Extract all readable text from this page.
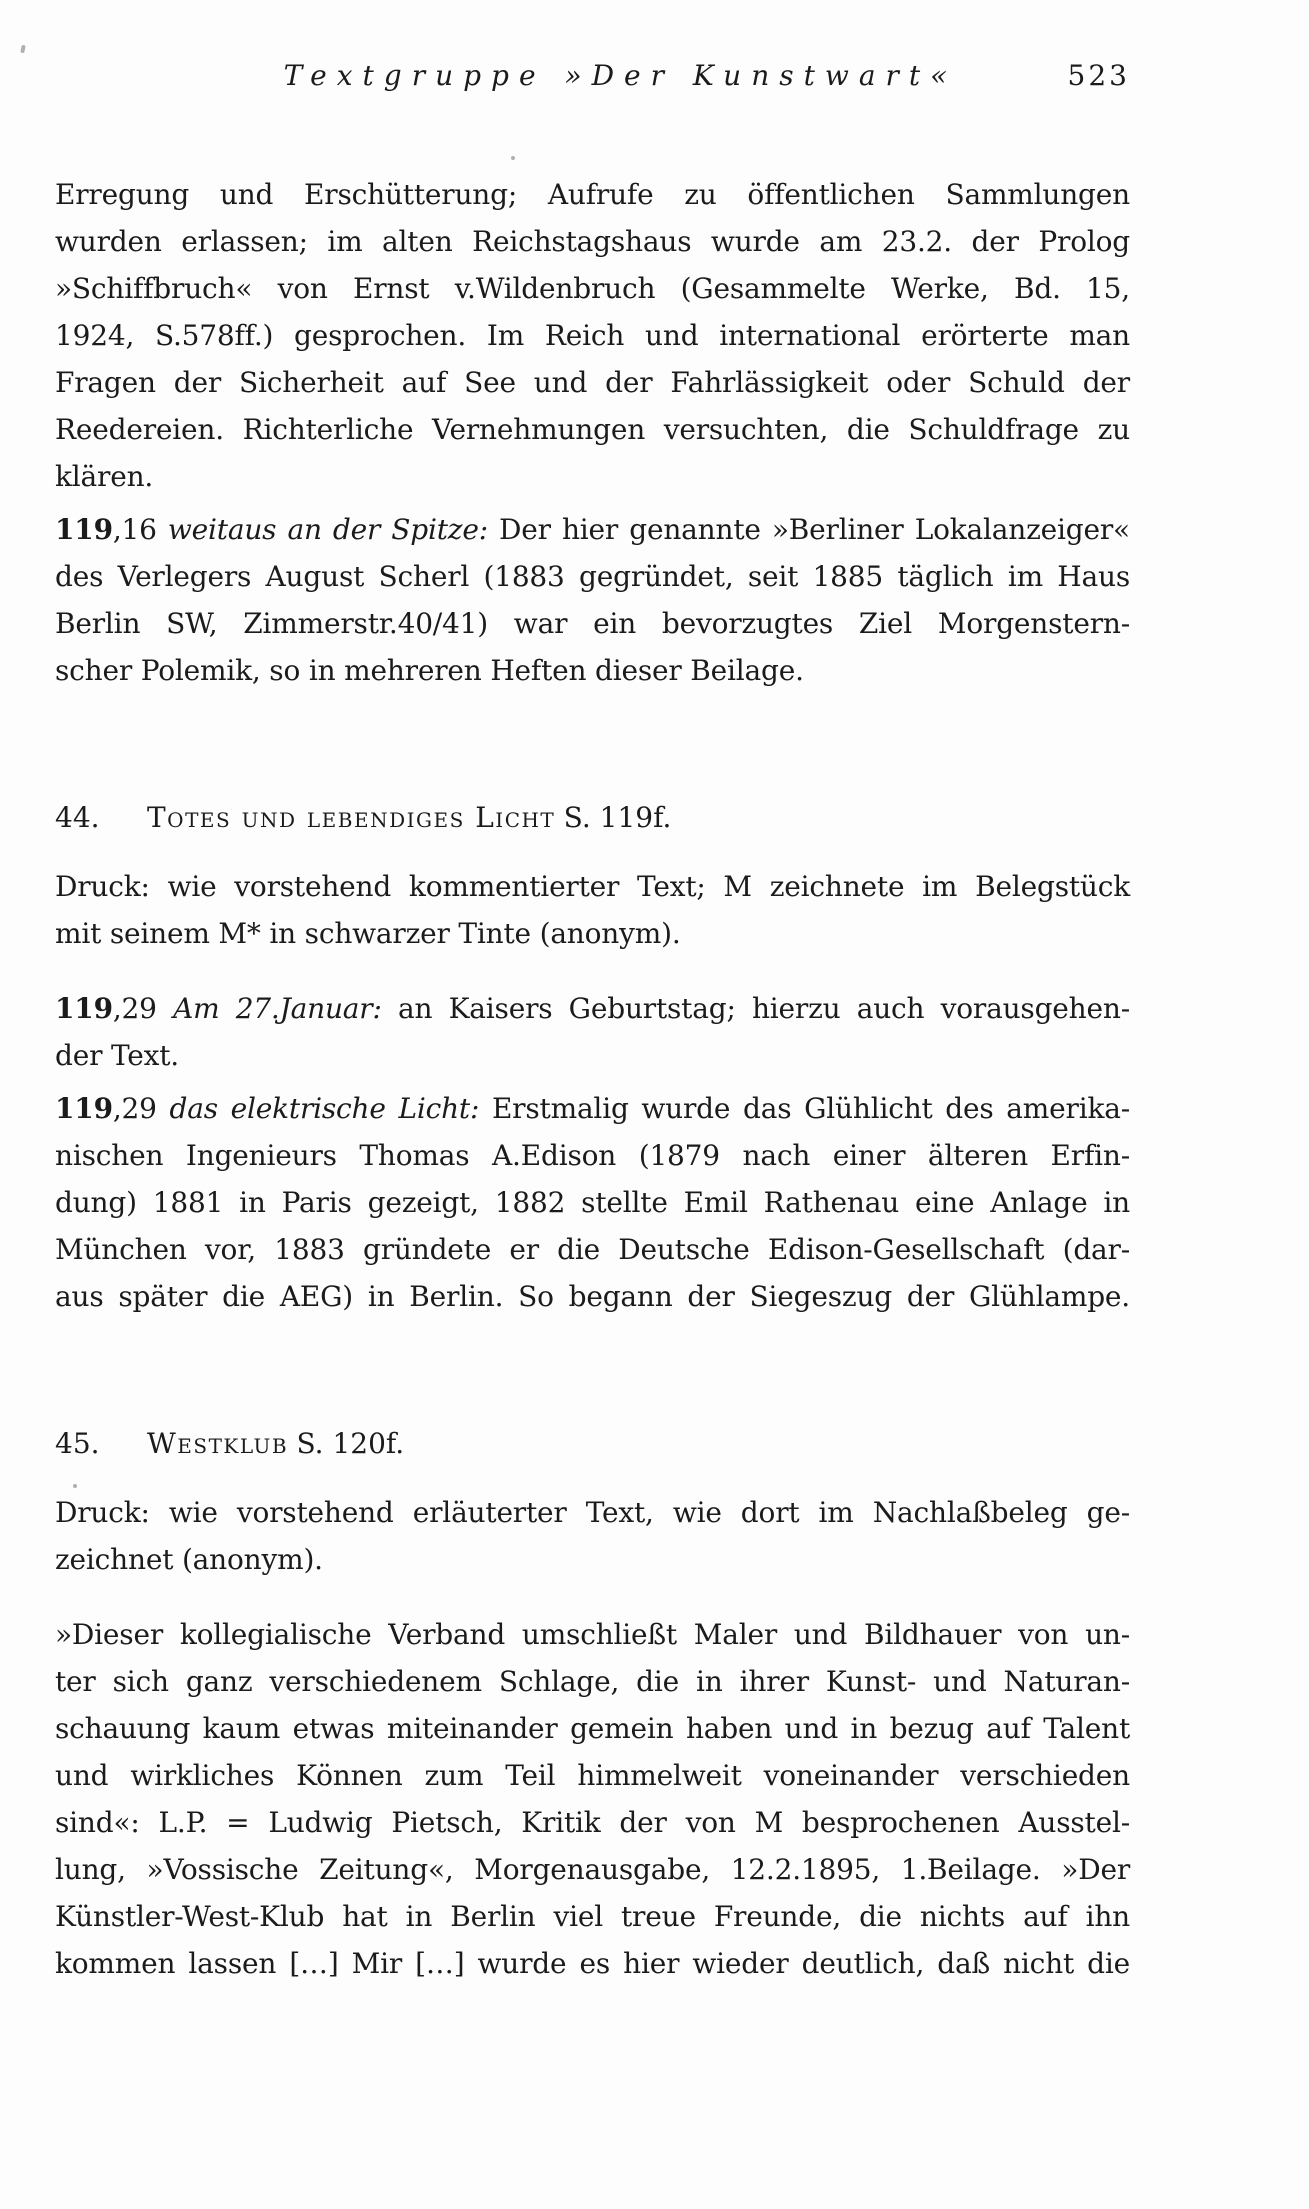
Textgruppe »Der Kunstwart«	523
Erregung und Erschütterung; Aufrufe zu öffentlichen Sammlungen
wurden erlassen; im alten Reichstagshaus wurde am 23.2. der Prolog
»Schiffbruch« von Ernst v.Wildenbruch (Gesammelte Werke, Bd. 15,
1924, S.578ff.) gesprochen. Im Reich und international erörterte man
Fragen der Sicherheit auf See und der Fahrlässigkeit oder Schuld der
Reedereien. Richterliche Vernehmungen versuchten, die Schuldfrage zu
klären.
119,16 weitaus an der Spitze: Der hier genannte »Berliner Lokalanzeiger«
des Verlegers August Scherl (1883 gegründet, seit 1885 täglich im Haus
Berlin SW, Zimmerstr.40/41) war ein bevorzugtes Ziel Morgenstern-
scher Polemik, so in mehreren Heften dieser Beilage.
44.	Totes und lebendiges Licht S. 119f.
Druck: wie vorstehend kommentierter Text; M zeichnete im Belegstück
mit seinem M* in schwarzer Tinte (anonym).
119,29 Am 27.Januar: an Kaisers Geburtstag; hierzu auch vorausgehen-
der Text.
119,29 das elektrische Licht: Erstmalig wurde das Glühlicht des amerika-
nischen Ingenieurs Thomas A.Edison (1879 nach einer älteren Erfin-
dung) 1881 in Paris gezeigt, 1882 stellte Emil Rathenau eine Anlage in
München vor, 1883 gründete er die Deutsche Edison-Gesellschaft (dar-
aus später die AEG) in Berlin. So begann der Siegeszug der Glühlampe.
45.	Westklub S. 120f.
Druck: wie vorstehend erläuterter Text, wie dort im Nachlaßbeleg ge-
zeichnet (anonym).
»Dieser kollegialische Verband umschließt Maler und Bildhauer von un-
ter sich ganz verschiedenem Schlage, die in ihrer Kunst- und Naturan-
schauung kaum etwas miteinander gemein haben und in bezug auf Talent
und wirkliches Können zum Teil himmelweit voneinander verschieden
sind«: L.P. = Ludwig Pietsch, Kritik der von M besprochenen Ausstel-
lung, »Vossische Zeitung«, Morgenausgabe, 12.2.1895, 1.Beilage. »Der
Künstler-West-Klub hat in Berlin viel treue Freunde, die nichts auf ihn
kommen lassen […] Mir […] wurde es hier wieder deutlich, daß nicht die
